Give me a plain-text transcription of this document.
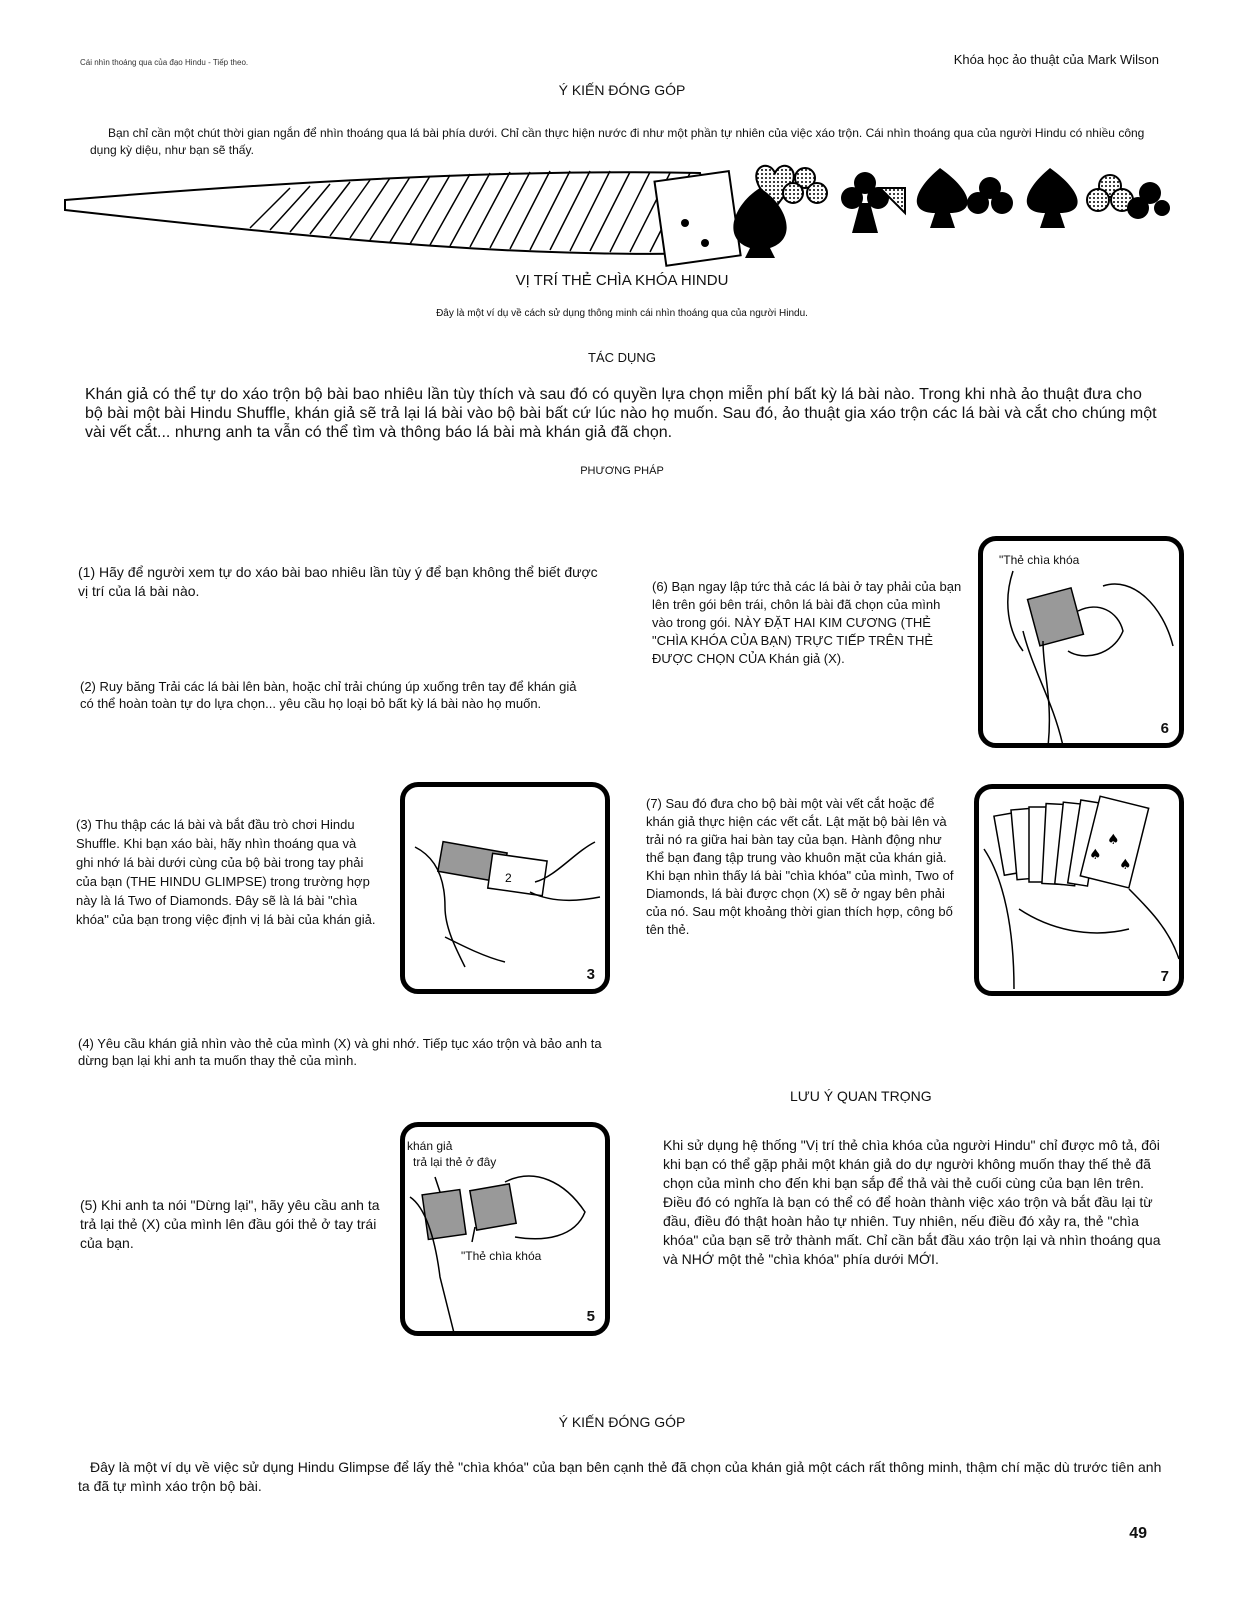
Cái nhìn thoáng qua của đạo Hindu - Tiếp theo.	Khóa học ảo thuật của Mark Wilson
Ý KIẾN ĐÓNG GÓP

Bạn chỉ cần một chút thời gian ngắn để nhìn thoáng qua lá bài phía dưới. Chỉ cần thực hiện nước đi như một phần tự nhiên của việc xáo trộn. Cái nhìn thoáng qua của người Hindu có nhiều công dụng kỳ diệu, như bạn sẽ thấy.

VỊ TRÍ THẺ CHÌA KHÓA HINDU
Đây là một ví dụ về cách sử dụng thông minh cái nhìn thoáng qua của người Hindu.
TÁC DỤNG

Khán giả có thể tự do xáo trộn bộ bài bao nhiêu lần tùy thích và sau đó có quyền lựa chọn miễn phí bất kỳ lá bài nào. Trong khi nhà ảo thuật đưa cho bộ bài một bài Hindu Shuffle, khán giả sẽ trả lại lá bài vào bộ bài bất cứ lúc nào họ muốn. Sau đó, ảo thuật gia xáo trộn các lá bài và cắt cho chúng một vài vết cắt... nhưng anh ta vẫn có thể tìm và thông báo lá bài mà khán giả đã chọn.

PHƯƠNG PHÁP

(1) Hãy để người xem tự do xáo bài bao nhiêu lần tùy ý để bạn không thể biết được vị trí của lá bài nào.

(2) Ruy băng Trải các lá bài lên bàn, hoặc chỉ trải chúng úp xuống trên tay để khán giả có thể hoàn toàn tự do lựa chọn... yêu cầu họ loại bỏ bất kỳ lá bài nào họ muốn.

(3) Thu thập các lá bài và bắt đầu trò chơi Hindu Shuffle. Khi bạn xáo bài, hãy nhìn thoáng qua và ghi nhớ lá bài dưới cùng của bộ bài trong tay phải của bạn (THE HINDU GLIMPSE) trong trường hợp này là lá Two of Diamonds. Đây sẽ là lá bài "chìa khóa" của bạn trong việc định vị lá bài của khán giả.

(4) Yêu cầu khán giả nhìn vào thẻ của mình (X) và ghi nhớ. Tiếp tục xáo trộn và bảo anh ta dừng bạn lại khi anh ta muốn thay thẻ của mình.

(5) Khi anh ta nói "Dừng lại", hãy yêu cầu anh ta trả lại thẻ (X) của mình lên đầu gói thẻ ở tay trái của bạn.

(6) Bạn ngay lập tức thả các lá bài ở tay phải của bạn lên trên gói bên trái, chôn lá bài đã chọn của mình vào trong gói. NÀY ĐẶT HAI KIM CƯƠNG (THẺ "CHÌA KHÓA CỦA BẠN) TRỰC TIẾP TRÊN THẺ ĐƯỢC CHỌN CỦA Khán giả (X).

(7) Sau đó đưa cho bộ bài một vài vết cắt hoặc để khán giả thực hiện các vết cắt. Lật mặt bộ bài lên và trải nó ra giữa hai bàn tay của bạn. Hành động như thể bạn đang tập trung vào khuôn mặt của khán giả. Khi bạn nhìn thấy lá bài "chìa khóa" của mình, Two of Diamonds, lá bài được chọn (X) sẽ ở ngay bên phải của nó. Sau một khoảng thời gian thích hợp, công bố tên thẻ.

"Thẻ chìa khóa
6
2
3
♠
♠
♠
7
khán giả
trả lại thẻ ở đây
"Thẻ chìa khóa
5
LƯU Ý QUAN TRỌNG

Khi sử dụng hệ thống "Vị trí thẻ chìa khóa của người Hindu" chỉ được mô tả, đôi khi bạn có thể gặp phải một khán giả do dự người không muốn thay thế thẻ đã chọn của mình cho đến khi bạn sắp để thả vài thẻ cuối cùng của bạn lên trên. Điều đó có nghĩa là bạn có thể có để hoàn thành việc xáo trộn và bắt đầu lại từ đầu, điều đó thật hoàn hảo tự nhiên. Tuy nhiên, nếu điều đó xảy ra, thẻ "chìa khóa" của bạn sẽ trở thành mất. Chỉ cần bắt đầu xáo trộn lại và nhìn thoáng qua và NHỚ một thẻ "chìa khóa" phía dưới MỚI.

Ý KIẾN ĐÓNG GÓP

Đây là một ví dụ về việc sử dụng Hindu Glimpse để lấy thẻ "chìa khóa" của bạn bên cạnh thẻ đã chọn của khán giả một cách rất thông minh, thậm chí mặc dù trước tiên anh ta đã tự mình xáo trộn bộ bài.

49
